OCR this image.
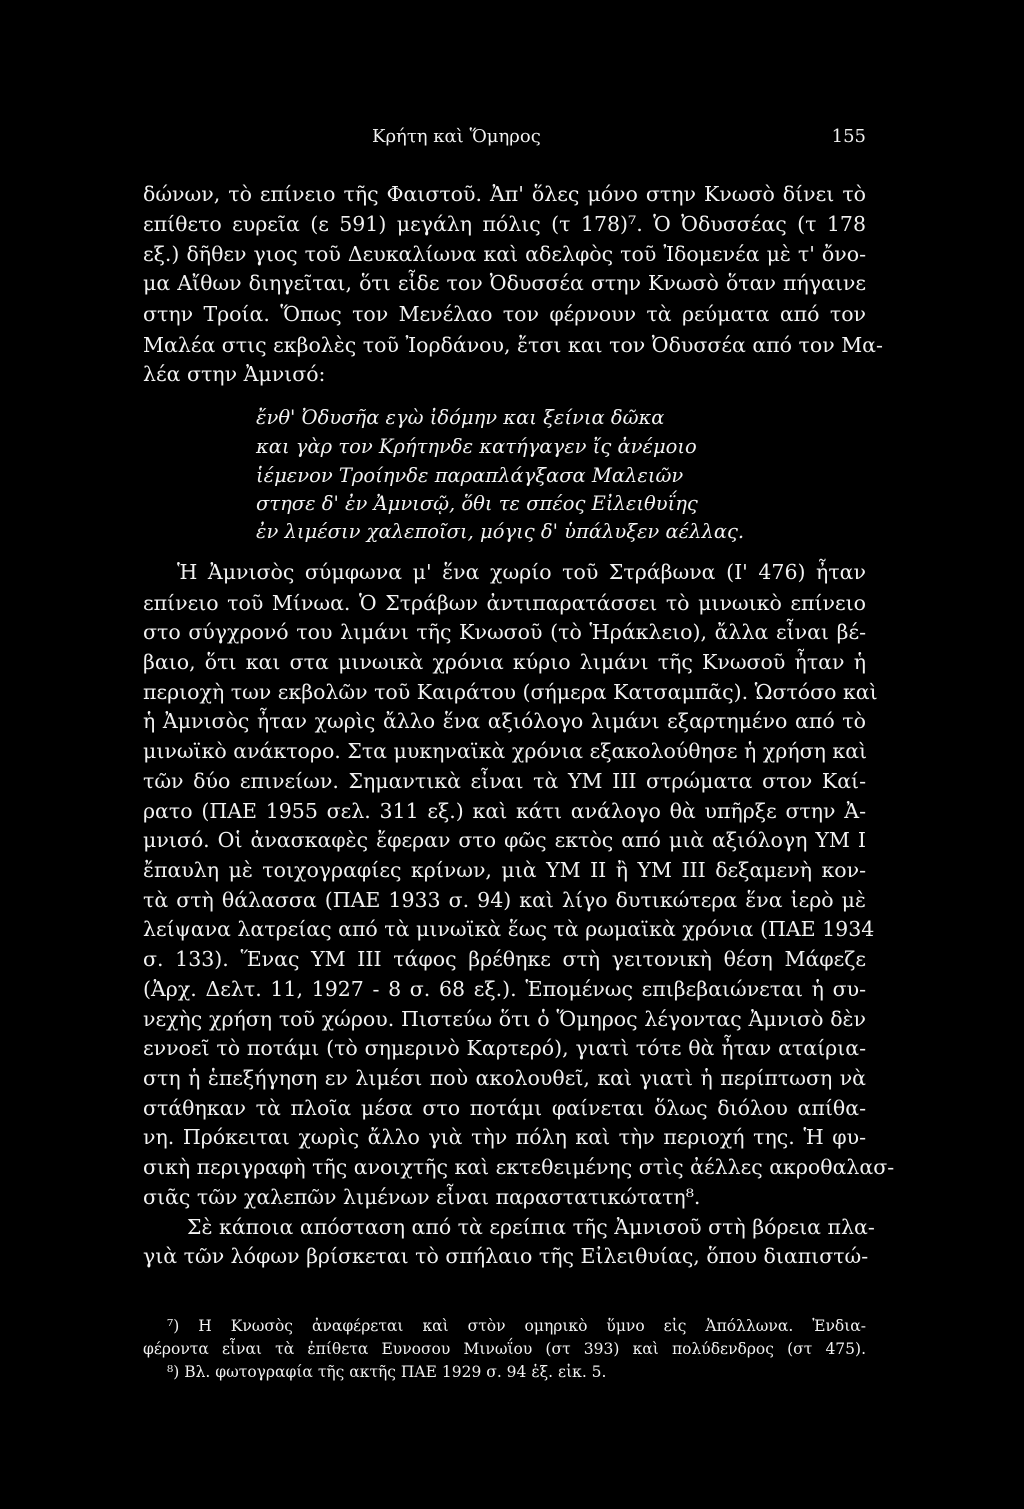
Κρήτη καὶ Ὅμηρος	155
δώνων, τὸ επίνειο τῆς Φαιστοῦ. Ἀπ' ὅλες μόνο στην Κνωσὸ δίνει τὸ
επίθετο ευρεῖα (ε 591) μεγάλη πόλις (τ 178)⁷. Ὁ Ὀδυσσέας (τ 178
εξ.) δῆθεν γιος τοῦ Δευκαλίωνα καὶ αδελφὸς τοῦ Ἰδομενέα μὲ τ' ὄνο-
μα Αἴθων διηγεῖται, ὅτι εἶδε τον Ὀδυσσέα στην Κνωσὸ ὅταν πήγαινε
στην Τροία. Ὅπως τον Μενέλαο τον φέρνουν τὰ ρεύματα από τον
Μαλέα στις εκβολὲς τοῦ Ἰορδάνου, ἔτσι και τον Ὀδυσσέα από τον Μα-
λέα στην Ἀμνισό:
ἔνθ' Ὀδυσῆα εγὼ ἰδόμην και ξείνια δῶκα
και γὰρ τον Κρήτηνδε κατήγαγεν ἴς ἀνέμοιο
ἱέμενον Τροίηνδε παραπλάγξασα Μαλειῶν
στησε δ' ἐν Ἀμνισῷ, ὅθι τε σπέος Εἰλειθυΐης
ἐν λιμέσιν χαλεποῖσι, μόγις δ' ὑπάλυξεν αέλλας.
Ἡ Ἀμνισὸς σύμφωνα μ' ἕνα χωρίο τοῦ Στράβωνα (Ι' 476) ἦταν
επίνειο τοῦ Μίνωα. Ὁ Στράβων ἀντιπαρατάσσει τὸ μινωικὸ επίνειο
στο σύγχρονό του λιμάνι τῆς Κνωσοῦ (τὸ Ἡράκλειο), ἄλλα εἶναι βέ-
βαιο, ὅτι και στα μινωικὰ χρόνια κύριο λιμάνι τῆς Κνωσοῦ ἦταν ἡ
περιοχὴ των εκβολῶν τοῦ Καιράτου (σήμερα Κατσαμπᾶς). Ὡστόσο καὶ
ἡ Ἀμνισὸς ἦταν χωρὶς ἄλλο ἕνα αξιόλογο λιμάνι εξαρτημένο από τὸ
μινωϊκὸ ανάκτορο. Στα μυκηναϊκὰ χρόνια εξακολούθησε ἡ χρήση καὶ
τῶν δύο επινείων. Σημαντικὰ εἶναι τὰ ΥΜ ΙΙΙ στρώματα στον Καί-
ρατο (ΠΑΕ 1955 σελ. 311 εξ.) καὶ κάτι ανάλογο θὰ υπῆρξε στην Ἀ-
μνισό. Οἱ ἀνασκαφὲς ἔφεραν στο φῶς εκτὸς από μιὰ αξιόλογη ΥΜ Ι
ἔπαυλη μὲ τοιχογραφίες κρίνων, μιὰ ΥΜ ΙΙ ἢ ΥΜ ΙΙΙ δεξαμενὴ κον-
τὰ στὴ θάλασσα (ΠΑΕ 1933 σ. 94) καὶ λίγο δυτικώτερα ἕνα ἱερὸ μὲ
λείψανα λατρείας από τὰ μινωϊκὰ ἕως τὰ ρωμαϊκὰ χρόνια (ΠΑΕ 1934
σ. 133). Ἕνας ΥΜ ΙΙΙ τάφος βρέθηκε στὴ γειτονικὴ θέση Μάφεζε
(Ἀρχ. Δελτ. 11, 1927 - 8 σ. 68 εξ.). Ἑπομένως επιβεβαιώνεται ἡ συ-
νεχὴς χρήση τοῦ χώρου. Πιστεύω ὅτι ὁ Ὅμηρος λέγοντας Ἀμνισὸ δὲν
εννοεῖ τὸ ποτάμι (τὸ σημερινὸ Καρτερό), γιατὶ τότε θὰ ἦταν αταίρια-
στη ἡ ἑπεξήγηση εν λιμέσι ποὺ ακολουθεῖ, καὶ γιατὶ ἡ περίπτωση νὰ
στάθηκαν τὰ πλοῖα μέσα στο ποτάμι φαίνεται ὅλως διόλου απίθα-
νη. Πρόκειται χωρὶς ἄλλο γιὰ τὴν πόλη καὶ τὴν περιοχή της. Ἡ φυ-
σικὴ περιγραφὴ τῆς ανοιχτῆς καὶ εκτεθειμένης στὶς ἀέλλες ακροθαλασ-
σιᾶς τῶν χαλεπῶν λιμένων εἶναι παραστατικώτατη⁸.
Σὲ κάποια απόσταση από τὰ ερείπια τῆς Ἀμνισοῦ στὴ βόρεια πλα-
γιὰ τῶν λόφων βρίσκεται τὸ σπήλαιο τῆς Εἰλειθυίας, ὅπου διαπιστώ-
⁷) Η Κνωσὸς ἀναφέρεται καὶ στὸν ομηρικὸ ὕμνο εἰς Ἀπόλλωνα. Ἐνδια-
φέροντα εἶναι τὰ ἐπίθετα Ευνοσου Μινωΐου (στ 393) καὶ πολύδενδρος (στ 475).
⁸) Βλ. φωτογραφία τῆς ακτῆς ΠΑΕ 1929 σ. 94 ἑξ. εἰκ. 5.
